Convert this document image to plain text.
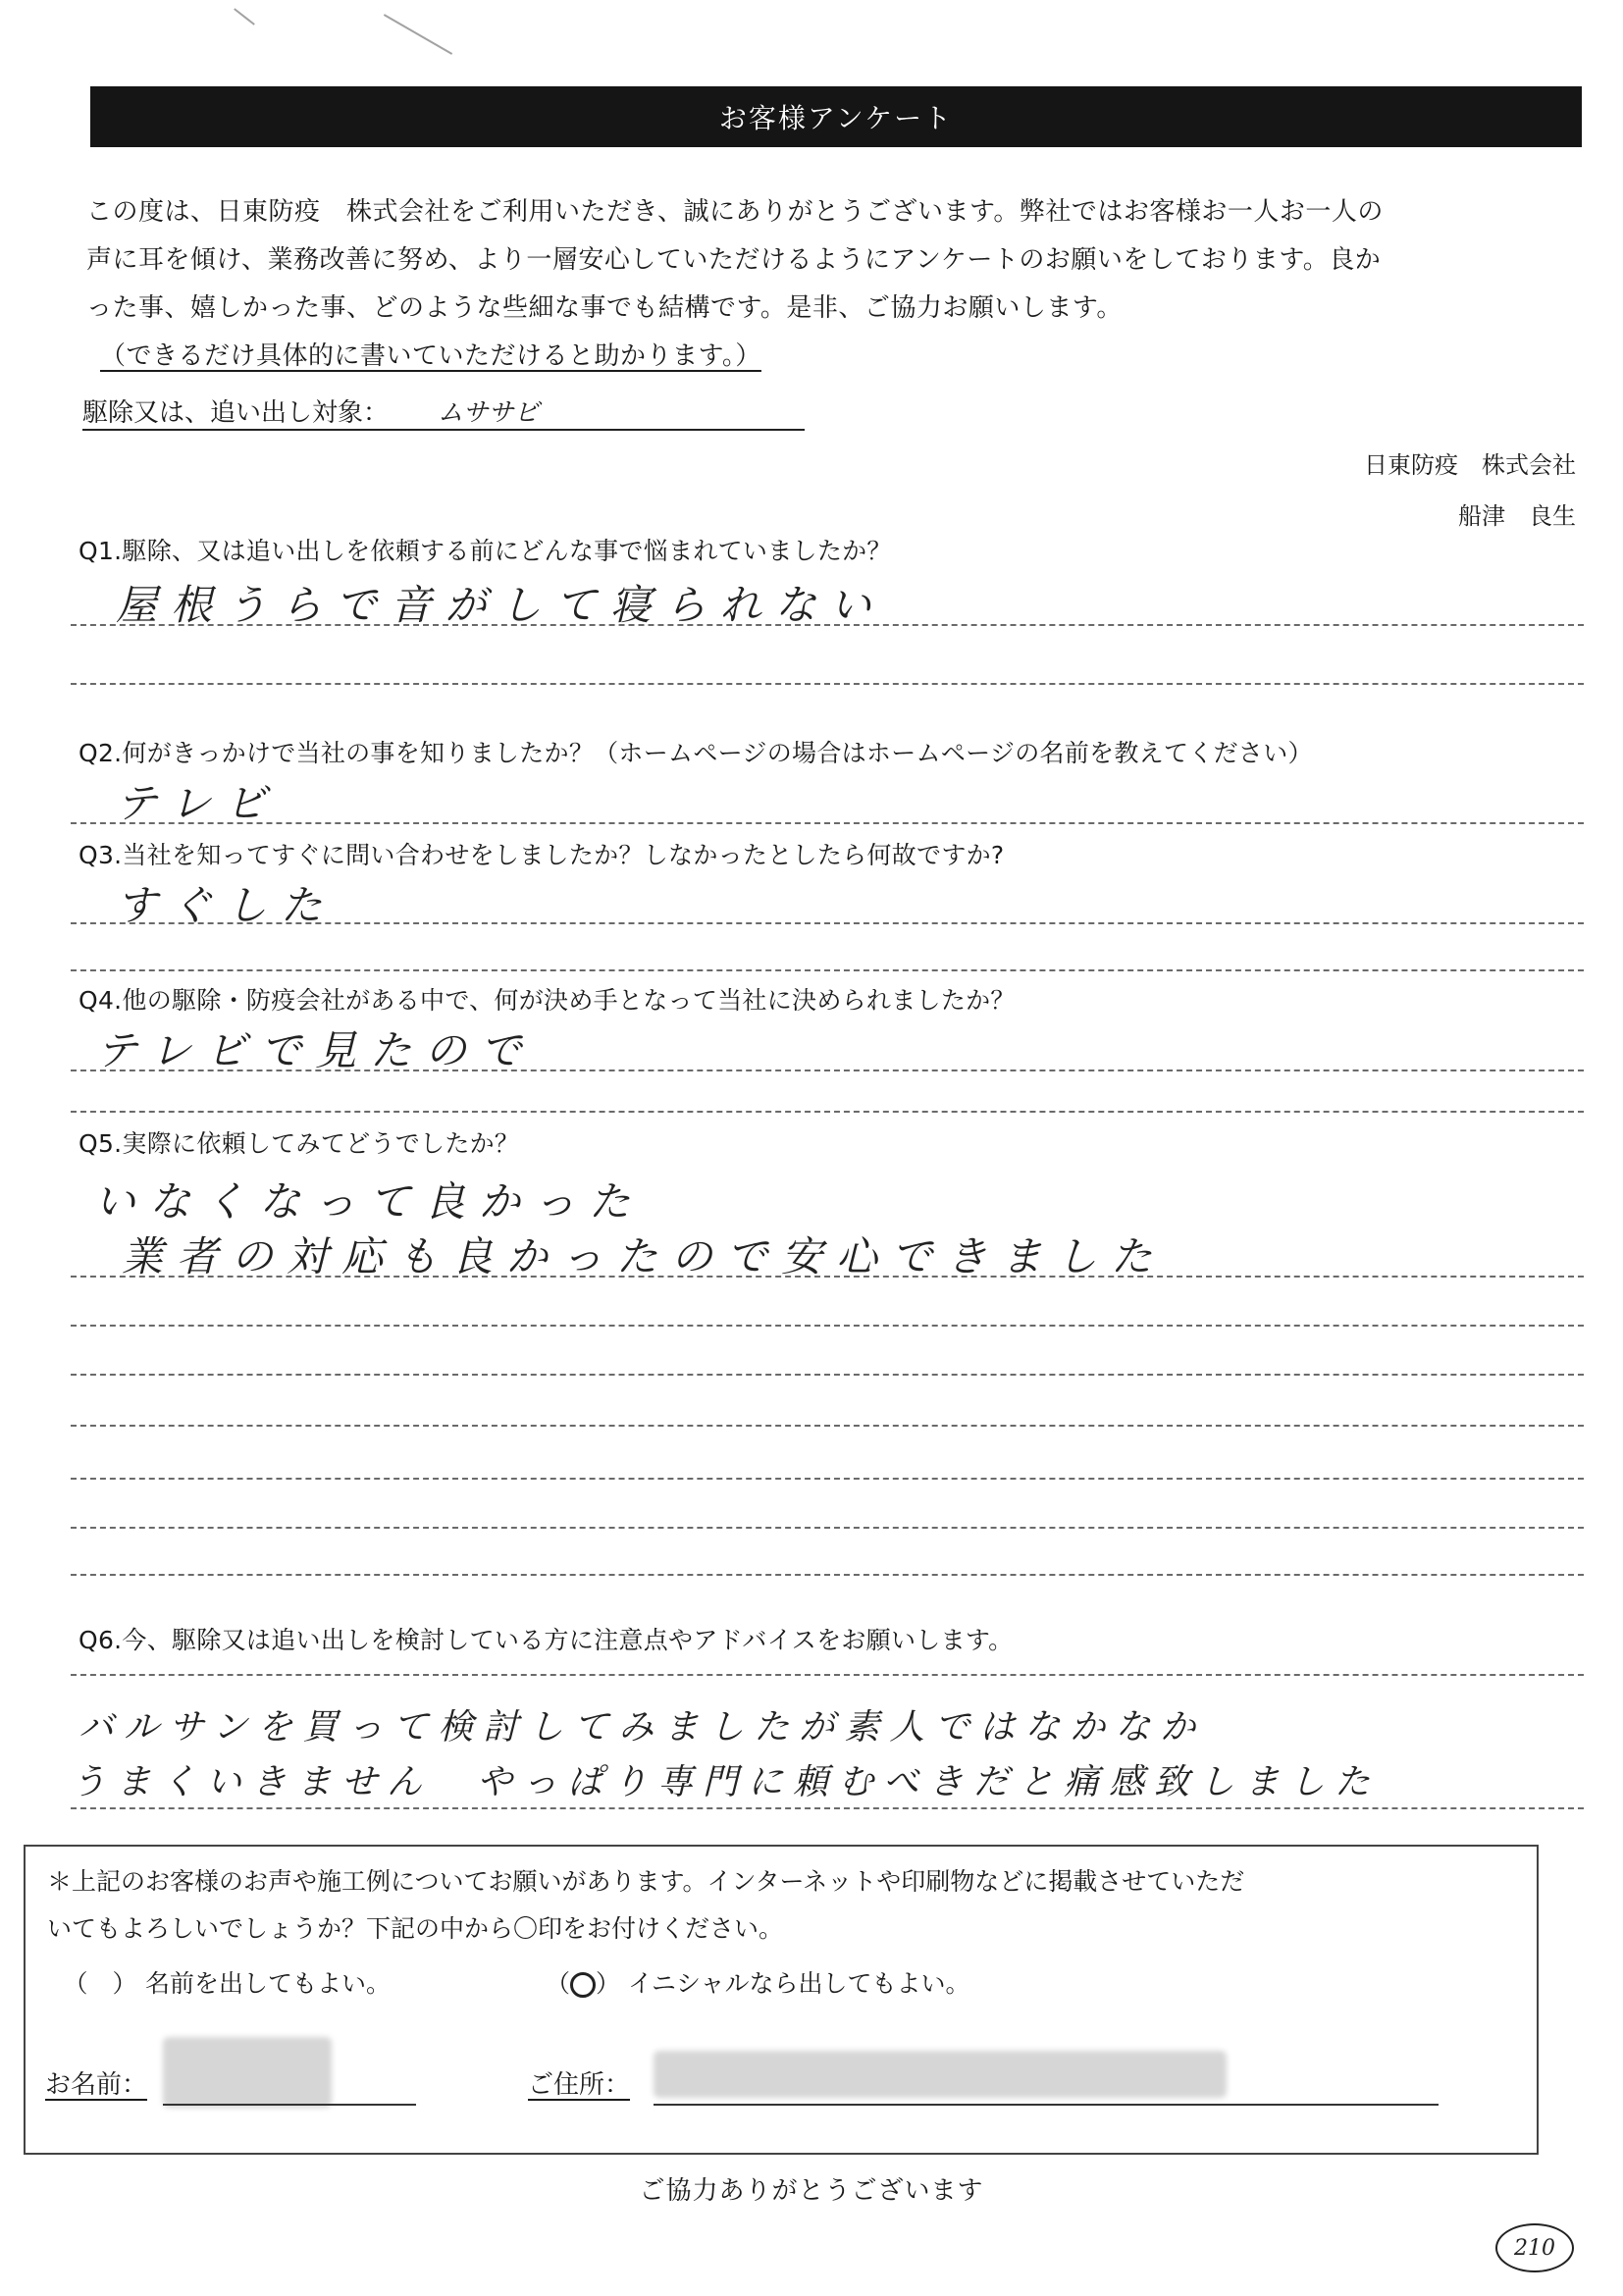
お客様アンケート

この度は、日東防疫　株式会社をご利用いただき、誠にありがとうございます。弊社ではお客様お一人お一人の

声に耳を傾け、業務改善に努め、より一層安心していただけるようにアンケートのお願いをしております。良か

った事、嬉しかった事、どのような些細な事でも結構です。是非、ご協力お願いします。

（できるだけ具体的に書いていただけると助かります。）

駆除又は、追い出し対象： ムササビ
日東防疫　株式会社
船津　良生
Q1.駆除、又は追い出しを依頼する前にどんな事で悩まれていましたか？
屋根うらで音がして寝られない
Q2.何がきっかけで当社の事を知りましたか？（ホームページの場合はホームページの名前を教えてください）
テレビ
Q3.当社を知ってすぐに問い合わせをしましたか？しなかったとしたら何故ですか?
すぐした
Q4.他の駆除・防疫会社がある中で、何が決め手となって当社に決められましたか？
テレビで見たので
Q5.実際に依頼してみてどうでしたか？
いなくなって良かった
業者の対応も良かったので安心できました
Q6.今、駆除又は追い出しを検討している方に注意点やアドバイスをお願いします。
バルサンを買って検討してみましたが素人ではなかなか
うまくいきません　やっぱり専門に頼むべきだと痛感致しました

＊上記のお客様のお声や施工例についてお願いがあります。インターネットや印刷物などに掲載させていただ

いてもよろしいでしょうか？下記の中から〇印をお付けください。

（　） 名前を出してもよい。	（○） イニシャルなら出してもよい。
お名前：	ご住所：
ご協力ありがとうございます
210
